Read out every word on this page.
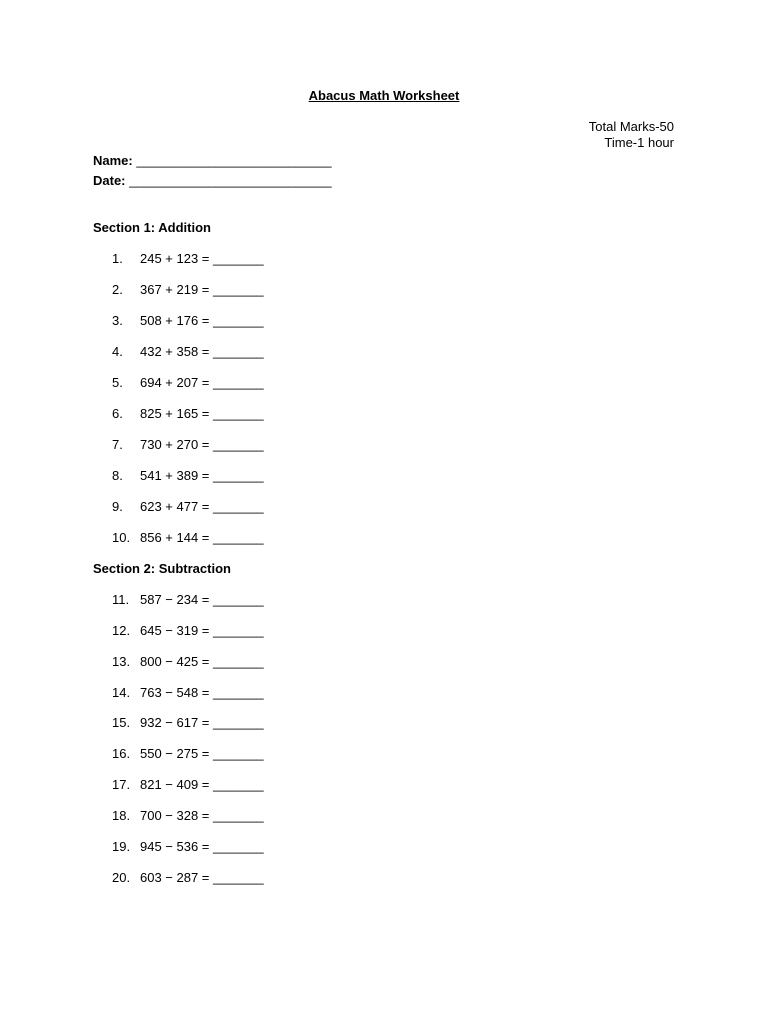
Abacus Math Worksheet
Total Marks-50
Time-1 hour
Name: ___________________________
Date: ____________________________
Section 1: Addition
1. 245 + 123 = _______
2. 367 + 219 = _______
3. 508 + 176 = _______
4. 432 + 358 = _______
5. 694 + 207 = _______
6. 825 + 165 = _______
7. 730 + 270 = _______
8. 541 + 389 = _______
9. 623 + 477 = _______
10. 856 + 144 = _______
Section 2: Subtraction
11. 587 − 234 = _______
12. 645 − 319 = _______
13. 800 − 425 = _______
14. 763 − 548 = _______
15. 932 − 617 = _______
16. 550 − 275 = _______
17. 821 − 409 = _______
18. 700 − 328 = _______
19. 945 − 536 = _______
20. 603 − 287 = _______
